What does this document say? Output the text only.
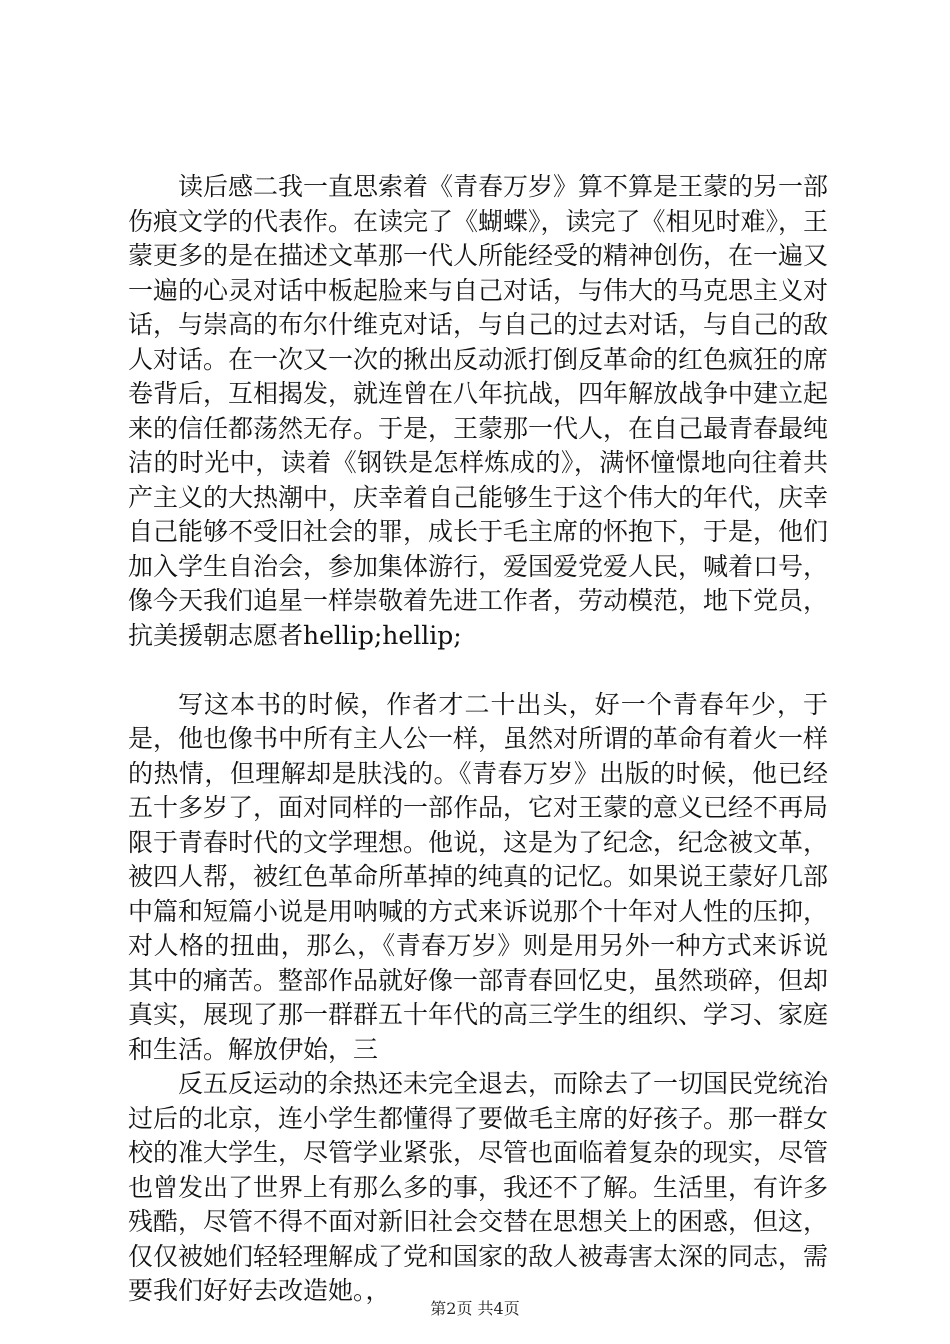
读后感二我一直思索着《青春万岁》算不算是王蒙的另一部伤痕文学的代表作。在读完了《蝴蝶》，读完了《相见时难》，王蒙更多的是在描述文革那一代人所能经受的精神创伤，在一遍又一遍的心灵对话中板起脸来与自己对话，与伟大的马克思主义对话，与崇高的布尔什维克对话，与自己的过去对话，与自己的敌人对话。在一次又一次的揪出反动派打倒反革命的红色疯狂的席卷背后，互相揭发，就连曾在八年抗战，四年解放战争中建立起来的信任都荡然无存。于是，王蒙那一代人，在自己最青春最纯洁的时光中，读着《钢铁是怎样炼成的》，满怀憧憬地向往着共产主义的大热潮中，庆幸着自己能够生于这个伟大的年代，庆幸自己能够不受旧社会的罪，成长于毛主席的怀抱下，于是，他们加入学生自治会，参加集体游行，爱国爱党爱人民，喊着口号，像今天我们追星一样崇敬着先进工作者，劳动模范，地下党员，抗美援朝志愿者hellip;hellip;

写这本书的时候，作者才二十出头，好一个青春年少，于是，他也像书中所有主人公一样，虽然对所谓的革命有着火一样的热情，但理解却是肤浅的。《青春万岁》出版的时候，他已经五十多岁了，面对同样的一部作品，它对王蒙的意义已经不再局限于青春时代的文学理想。他说，这是为了纪念，纪念被文革，被四人帮，被红色革命所革掉的纯真的记忆。如果说王蒙好几部中篇和短篇小说是用呐喊的方式来诉说那个十年对人性的压抑，对人格的扭曲，那么，《青春万岁》则是用另外一种方式来诉说其中的痛苦。整部作品就好像一部青春回忆史，虽然琐碎，但却真实，展现了那一群群五十年代的高三学生的组织、学习、家庭和生活。解放伊始，三

反五反运动的余热还未完全退去，而除去了一切国民党统治过后的北京，连小学生都懂得了要做毛主席的好孩子。那一群女校的准大学生，尽管学业紧张，尽管也面临着复杂的现实，尽管也曾发出了世界上有那么多的事，我还不了解。生活里，有许多残酷，尽管不得不面对新旧社会交替在思想关上的困惑，但这，仅仅被她们轻轻理解成了党和国家的敌人被毒害太深的同志，需要我们好好去改造她。，

第2页 共4页
